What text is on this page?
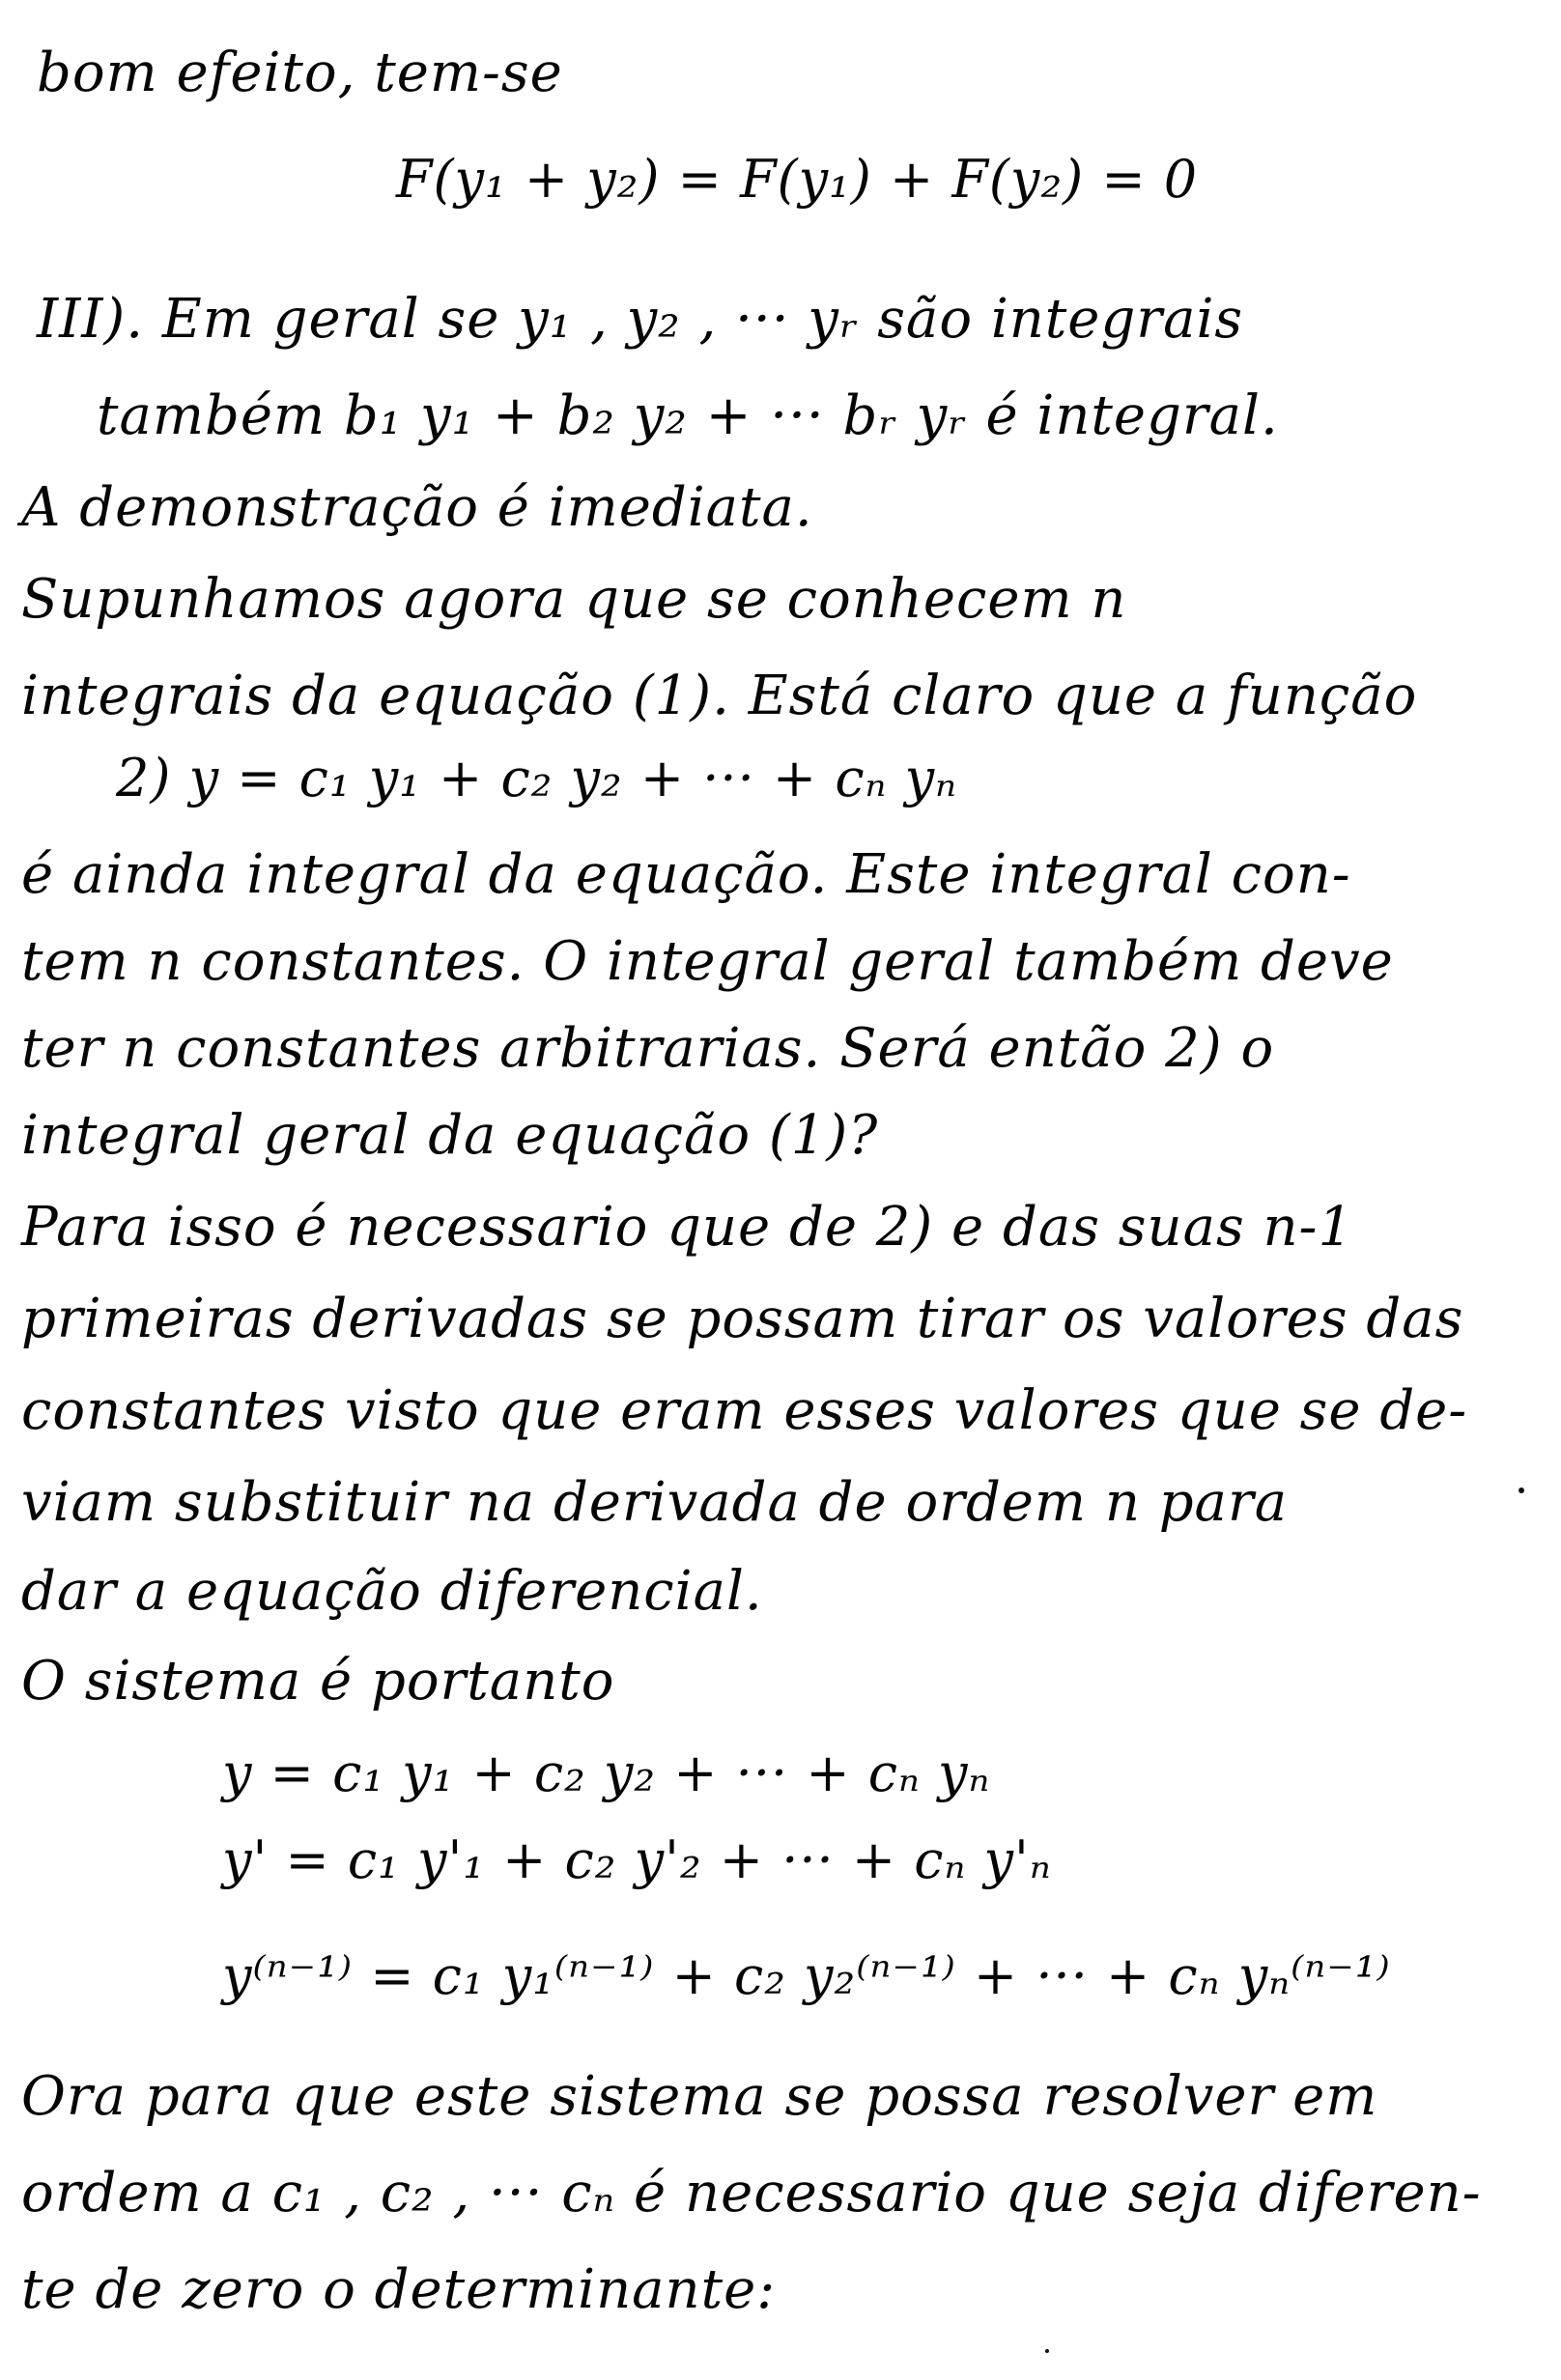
bom efeito, tem-se
F(y₁ + y₂) = F(y₁) + F(y₂) = 0
III). Em geral se y₁ , y₂ , ··· yᵣ são integrais
também b₁ y₁ + b₂ y₂ + ··· bᵣ yᵣ é integral.
A demonstração é imediata.
Supunhamos agora que se conhecem n
integrais da equação (1). Está claro que a função
2) y = c₁ y₁ + c₂ y₂ + ··· + cₙ yₙ
é ainda integral da equação. Este integral con-
tem n constantes. O integral geral também deve
ter n constantes arbitrarias. Será então 2) o
integral geral da equação (1)?
Para isso é necessario que de 2) e das suas n-1
primeiras derivadas se possam tirar os valores das
constantes visto que eram esses valores que se de-
viam substituir na derivada de ordem n para
dar a equação diferencial.
O sistema é portanto
y = c₁ y₁ + c₂ y₂ + ··· + cₙ yₙ
y' = c₁ y'₁ + c₂ y'₂ + ··· + cₙ y'ₙ
y⁽ⁿ⁻¹⁾ = c₁ y₁⁽ⁿ⁻¹⁾ + c₂ y₂⁽ⁿ⁻¹⁾ + ··· + cₙ yₙ⁽ⁿ⁻¹⁾
Ora para que este sistema se possa resolver em
ordem a c₁ , c₂ , ··· cₙ é necessario que seja diferen-
te de zero o determinante:
